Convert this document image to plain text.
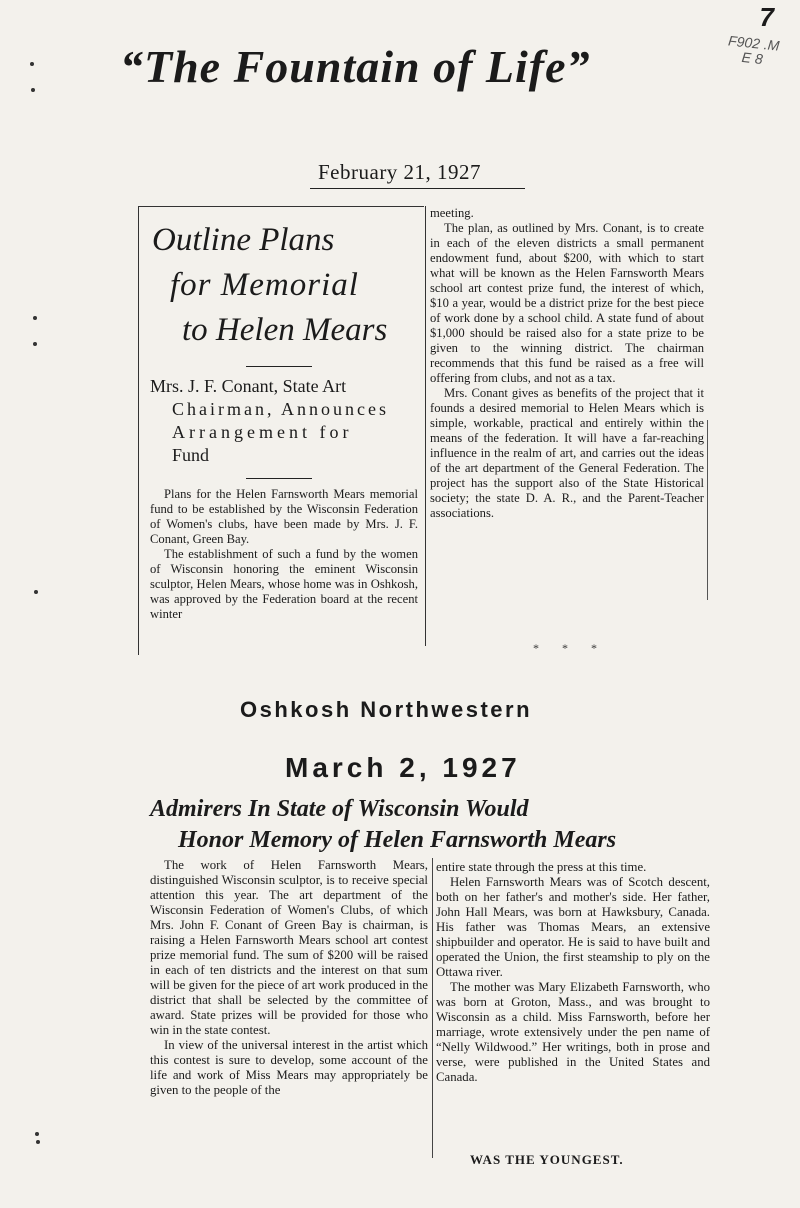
7
F902 .M E 8
“The Fountain of Life”
February 21, 1927
Outline Plans
for Memorial
to Helen Mears
Mrs. J. F. Conant, State Art
Chairman, Announces
Arrangement for
Fund

Plans for the Helen Farnsworth Mears memorial fund to be established by the Wisconsin Federation of Women's clubs, have been made by Mrs. J. F. Conant, Green Bay.

The establishment of such a fund by the women of Wisconsin honoring the eminent Wisconsin sculptor, Helen Mears, whose home was in Oshkosh, was approved by the Federation board at the recent winter

meeting.

The plan, as outlined by Mrs. Conant, is to create in each of the eleven districts a small permanent endowment fund, about $200, with which to start what will be known as the Helen Farnsworth Mears school art contest prize fund, the interest of which, $10 a year, would be a district prize for the best piece of work done by a school child. A state fund of about $1,000 should be raised also for a state prize to be given to the winning district. The chairman recommends that this fund be raised as a free will offering from clubs, and not as a tax.

Mrs. Conant gives as benefits of the project that it founds a desired memorial to Helen Mears which is simple, workable, practical and entirely within the means of the federation. It will have a far-reaching influence in the realm of art, and carries out the ideas of the art department of the General Federation. The project has the support also of the State Historical society; the state D. A. R., and the Parent-Teacher associations.

* * *
Oshkosh Northwestern
March 2, 1927
Admirers In State of Wisconsin Would
Honor Memory of Helen Farnsworth Mears

The work of Helen Farnsworth Mears, distinguished Wisconsin sculptor, is to receive special attention this year. The art department of the Wisconsin Federation of Women's Clubs, of which Mrs. John F. Conant of Green Bay is chairman, is raising a Helen Farnsworth Mears school art contest prize memorial fund. The sum of $200 will be raised in each of ten districts and the interest on that sum will be given for the piece of art work produced in the district that shall be selected by the committee of award. State prizes will be provided for those who win in the state contest.

In view of the universal interest in the artist which this contest is sure to develop, some account of the life and work of Miss Mears may appropriately be given to the people of the

entire state through the press at this time.

Helen Farnsworth Mears was of Scotch descent, both on her father's and mother's side. Her father, John Hall Mears, was born at Hawksbury, Canada. His father was Thomas Mears, an extensive shipbuilder and operator. He is said to have built and operated the Union, the first steamship to ply on the Ottawa river.

The mother was Mary Elizabeth Farnsworth, who was born at Groton, Mass., and was brought to Wisconsin as a child. Miss Farnsworth, before her marriage, wrote extensively under the pen name of “Nelly Wildwood.” Her writings, both in prose and verse, were published in the United States and Canada.

WAS THE YOUNGEST.
